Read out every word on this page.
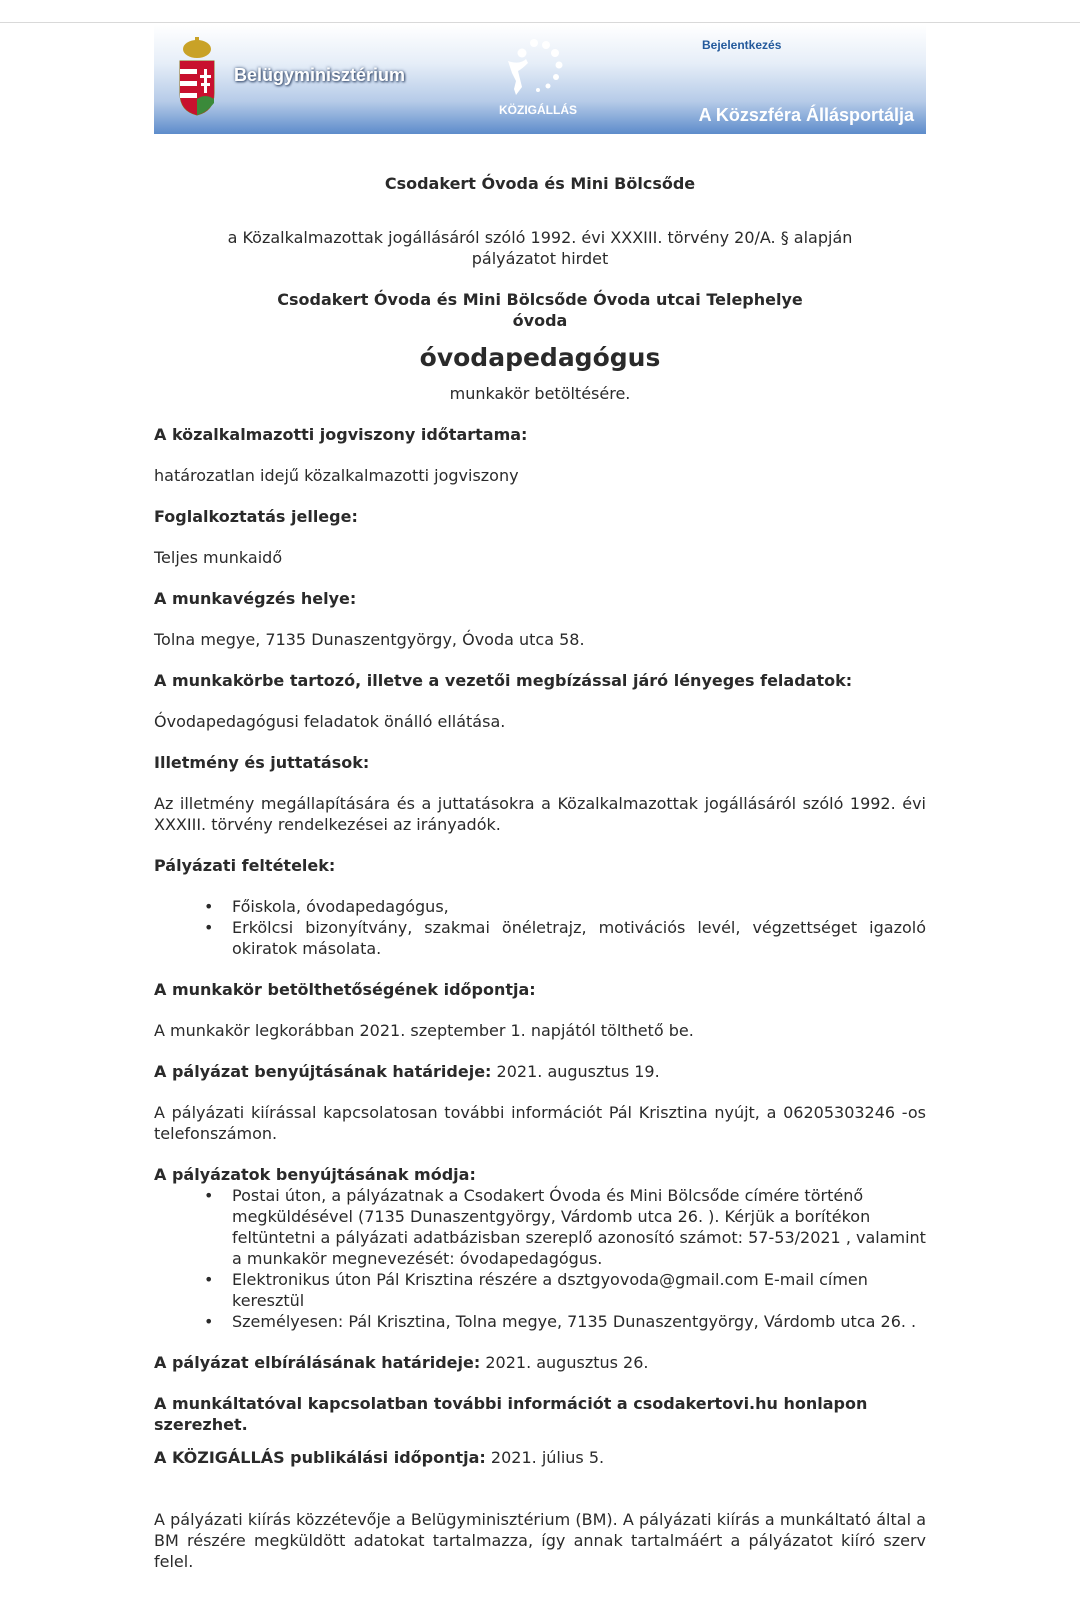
Belügyminisztérium
KÖZIGÁLLÁS
Bejelentkezés
A Közszféra Állásportálja

Csodakert Óvoda és Mini Bölcsőde

a Közalkalmazottak jogállásáról szóló 1992. évi XXXIII. törvény 20/A. § alapján
pályázatot hirdet

Csodakert Óvoda és Mini Bölcsőde Óvoda utcai Telephelye
óvoda

óvodapedagógus

munkakör betöltésére.

A közalkalmazotti jogviszony időtartama:

határozatlan idejű közalkalmazotti jogviszony

Foglalkoztatás jellege:

Teljes munkaidő

A munkavégzés helye:

Tolna megye, 7135 Dunaszentgyörgy, Óvoda utca 58.

A munkakörbe tartozó, illetve a vezetői megbízással járó lényeges feladatok:

Óvodapedagógusi feladatok önálló ellátása.

Illetmény és juttatások:

Az illetmény megállapítására és a juttatásokra a Közalkalmazottak jogállásáról szóló 1992. évi XXXIII. törvény rendelkezései az irányadók.

Pályázati feltételek:

• Főiskola, óvodapedagógus,
• Erkölcsi bizonyítvány, szakmai önéletrajz, motivációs levél, végzettséget igazoló okiratok másolata.

A munkakör betölthetőségének időpontja:

A munkakör legkorábban 2021. szeptember 1. napjától tölthető be.

A pályázat benyújtásának határideje: 2021. augusztus 19.

A pályázati kiírással kapcsolatosan további információt Pál Krisztina nyújt, a 06205303246 -os telefonszámon.

A pályázatok benyújtásának módja:

• Postai úton, a pályázatnak a Csodakert Óvoda és Mini Bölcsőde címére történő megküldésével (7135 Dunaszentgyörgy, Várdomb utca 26. ). Kérjük a borítékon feltüntetni a pályázati adatbázisban szereplő azonosító számot: 57-53/2021 , valamint a munkakör megnevezését: óvodapedagógus.
• Elektronikus úton Pál Krisztina részére a dsztgyovoda@gmail.com E-mail címen keresztül
• Személyesen: Pál Krisztina, Tolna megye, 7135 Dunaszentgyörgy, Várdomb utca 26. .

A pályázat elbírálásának határideje: 2021. augusztus 26.

A munkáltatóval kapcsolatban további információt a csodakertovi.hu honlapon szerezhet.

A KÖZIGÁLLÁS publikálási időpontja: 2021. július 5.

A pályázati kiírás közzétevője a Belügyminisztérium (BM). A pályázati kiírás a munkáltató által a BM részére megküldött adatokat tartalmazza, így annak tartalmáért a pályázatot kiíró szerv felel.
